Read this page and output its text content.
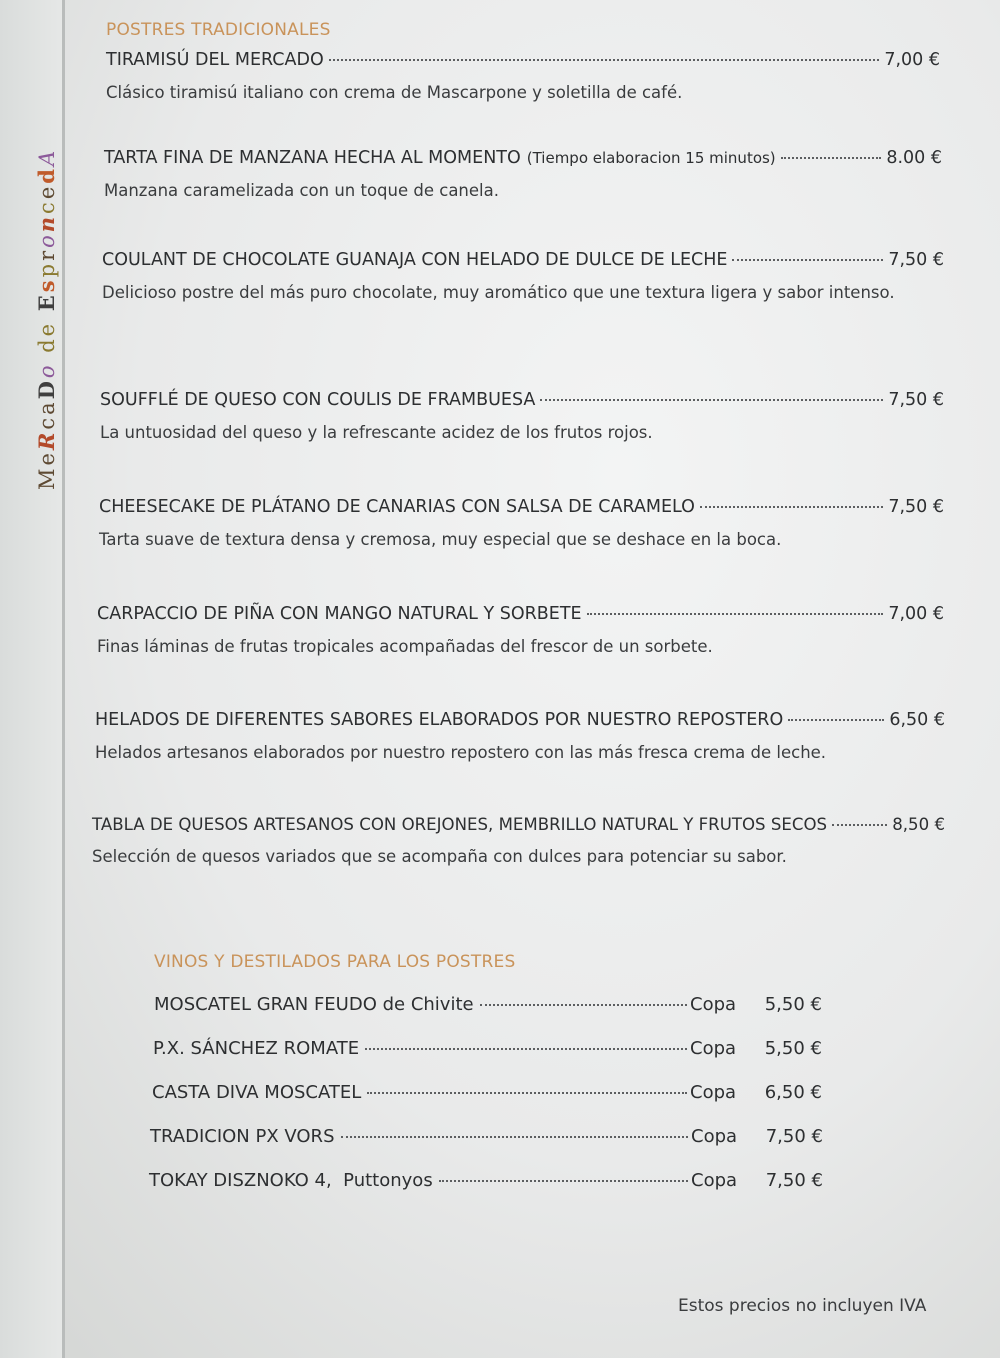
MeRcaDo de EsproncedA
POSTRES TRADICIONALES
TIRAMISÚ DEL MERCADO	7,00 €
Clásico tiramisú italiano con crema de Mascarpone y soletilla de café.
TARTA FINA DE MANZANA HECHA AL MOMENTO (Tiempo elaboracion 15 minutos)	8.00 €
Manzana caramelizada con un toque de canela.
COULANT DE CHOCOLATE GUANAJA CON HELADO DE DULCE DE LECHE	7,50 €
Delicioso postre del más puro chocolate, muy aromático que une textura ligera y sabor intenso.
SOUFFLÉ DE QUESO CON COULIS DE FRAMBUESA	7,50 €
La untuosidad del queso y la refrescante acidez de los frutos rojos.
CHEESECAKE DE PLÁTANO DE CANARIAS CON SALSA DE CARAMELO	7,50 €
Tarta suave de textura densa y cremosa, muy especial que se deshace en la boca.
CARPACCIO DE PIÑA CON MANGO NATURAL Y SORBETE	7,00 €
Finas láminas de frutas tropicales acompañadas del frescor de un sorbete.
HELADOS DE DIFERENTES SABORES ELABORADOS POR NUESTRO REPOSTERO	6,50 €
Helados artesanos elaborados por nuestro repostero con las más fresca crema de leche.
TABLA DE QUESOS ARTESANOS CON OREJONES, MEMBRILLO NATURAL Y FRUTOS SECOS	8,50 €
Selección de quesos variados que se acompaña con dulces para potenciar su sabor.
VINOS Y DESTILADOS PARA LOS POSTRES
MOSCATEL GRAN FEUDO de Chivite	Copa	5,50 €
P.X. SÁNCHEZ ROMATE	Copa	5,50 €
CASTA DIVA MOSCATEL	Copa	6,50 €
TRADICION PX VORS	Copa	7,50 €
TOKAY DISZNOKO 4,  Puttonyos	Copa	7,50 €
Estos precios no incluyen IVA
